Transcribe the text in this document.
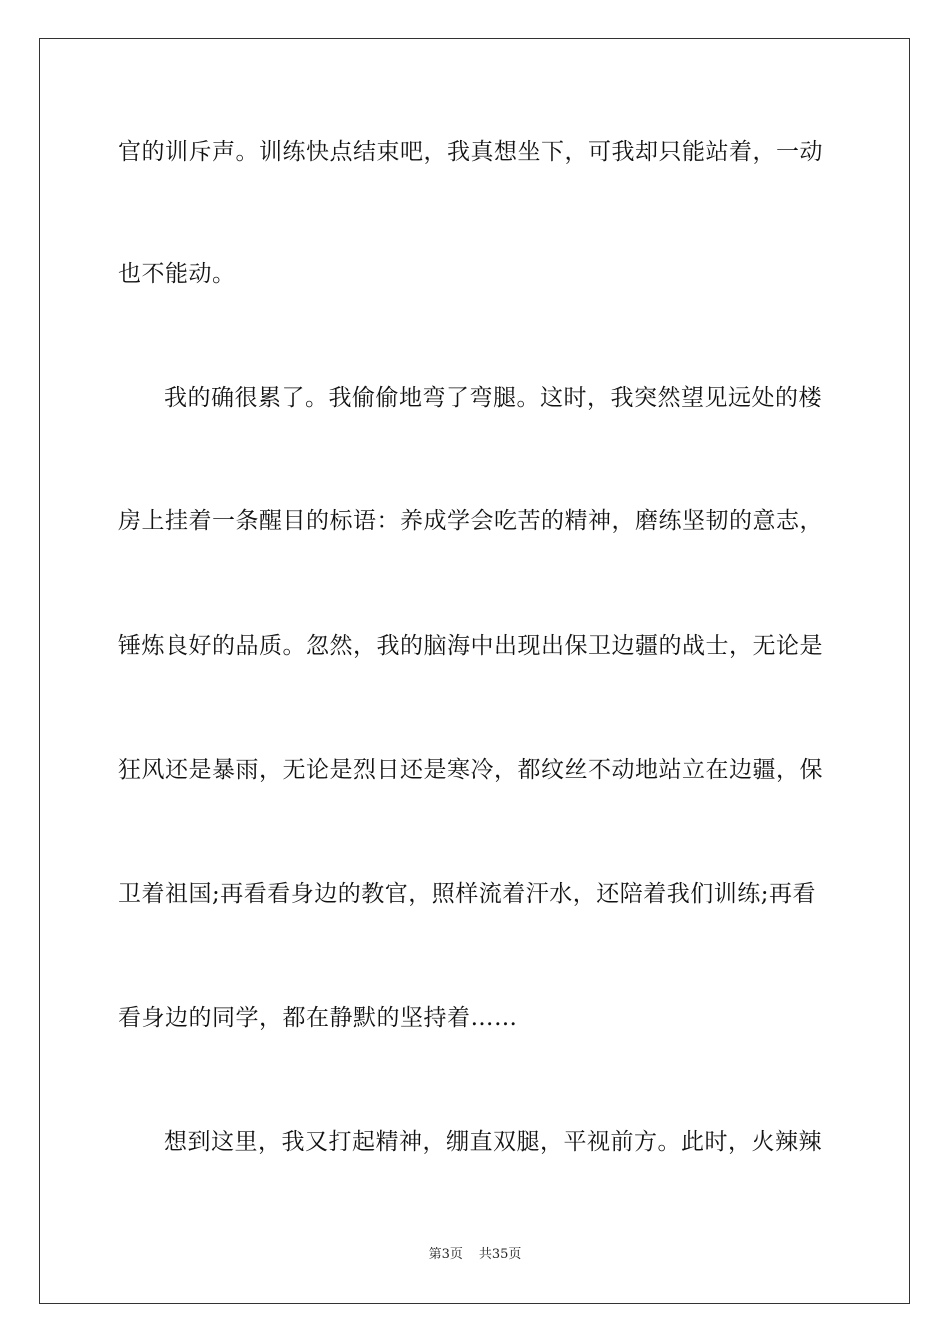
官的训斥声。训练快点结束吧，我真想坐下，可我却只能站着，一动
也不能动。
我的确很累了。我偷偷地弯了弯腿。这时，我突然望见远处的楼
房上挂着一条醒目的标语：养成学会吃苦的精神，磨练坚韧的意志，
锤炼良好的品质。忽然，我的脑海中出现出保卫边疆的战士，无论是
狂风还是暴雨，无论是烈日还是寒冷，都纹丝不动地站立在边疆，保
卫着祖国;再看看身边的教官，照样流着汗水，还陪着我们训练;再看
看身边的同学，都在静默的坚持着……
想到这里，我又打起精神，绷直双腿，平视前方。此时，火辣辣
第3页 共35页
